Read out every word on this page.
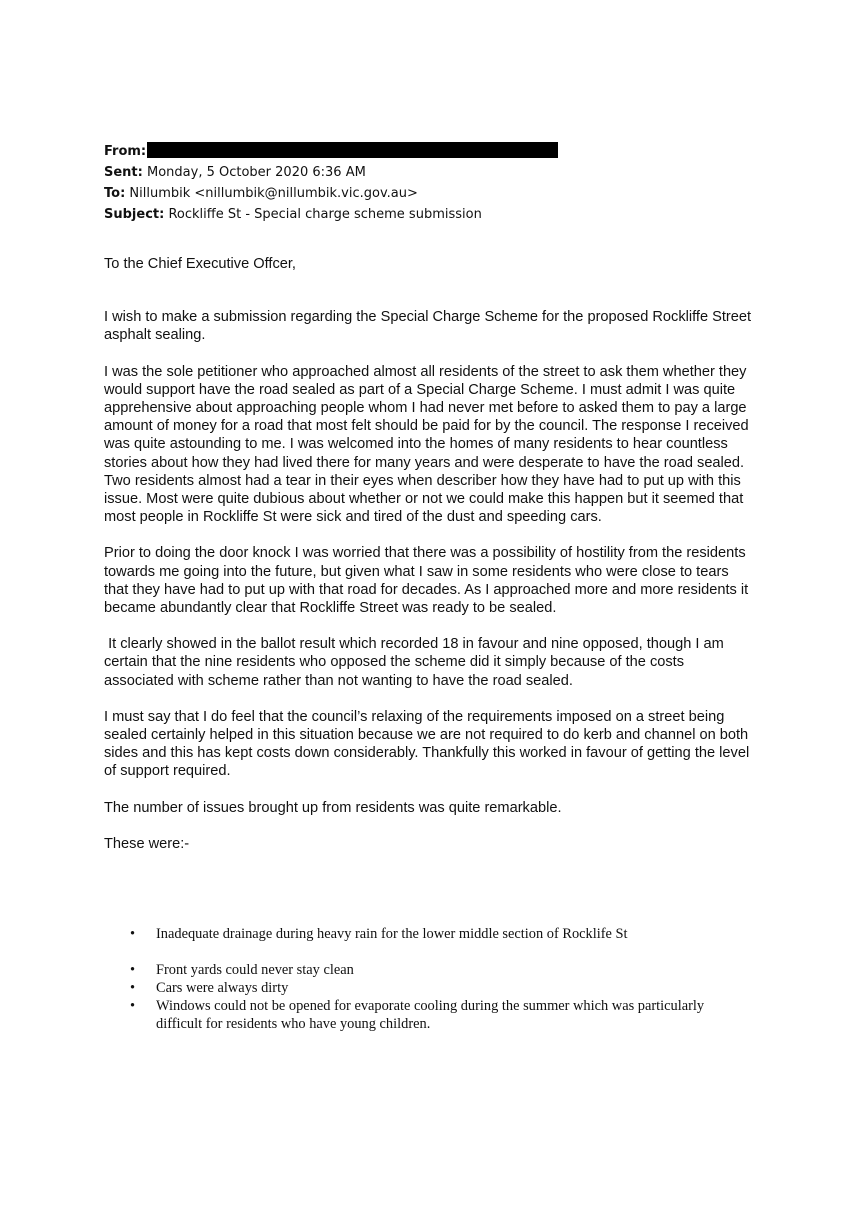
From:
Sent: Monday, 5 October 2020 6:36 AM
To: Nillumbik <nillumbik@nillumbik.vic.gov.au>
Subject: Rockliffe St - Special charge scheme submission

To the Chief Executive Offcer,

I wish to make a submission regarding the Special Charge Scheme for the proposed Rockliffe Street asphalt sealing.

I was the sole petitioner who approached almost all residents of the street to ask them whether they would support have the road sealed as part of a Special Charge Scheme. I must admit I was quite apprehensive about approaching people whom I had never met before to asked them to pay a large amount of money for a road that most felt should be paid for by the council. The response I received was quite astounding to me. I was welcomed into the homes of many residents to hear countless stories about how they had lived there for many years and were desperate to have the road sealed. Two residents almost had a tear in their eyes when describer how they have had to put up with this issue. Most were quite dubious about whether or not we could make this happen but it seemed that most people in Rockliffe St were sick and tired of the dust and speeding cars.

Prior to doing the door knock I was worried that there was a possibility of hostility from the residents towards me going into the future, but given what I saw in some residents who were close to tears that they have had to put up with that road for decades. As I approached more and more residents it became abundantly clear that Rockliffe Street was ready to be sealed.

It clearly showed in the ballot result which recorded 18 in favour and nine opposed, though I am certain that the nine residents who opposed the scheme did it simply because of the costs associated with scheme rather than not wanting to have the road sealed.

I must say that I do feel that the council’s relaxing of the requirements imposed on a street being sealed certainly helped in this situation because we are not required to do kerb and channel on both sides and this has kept costs down considerably. Thankfully this worked in favour of getting the level of support required.

The number of issues brought up from residents was quite remarkable.

These were:-

• Inadequate drainage during heavy rain for the lower middle section of Rocklife St
• Front yards could never stay clean
• Cars were always dirty
• Windows could not be opened for evaporate cooling during the summer which was particularly difficult for residents who have young children.
